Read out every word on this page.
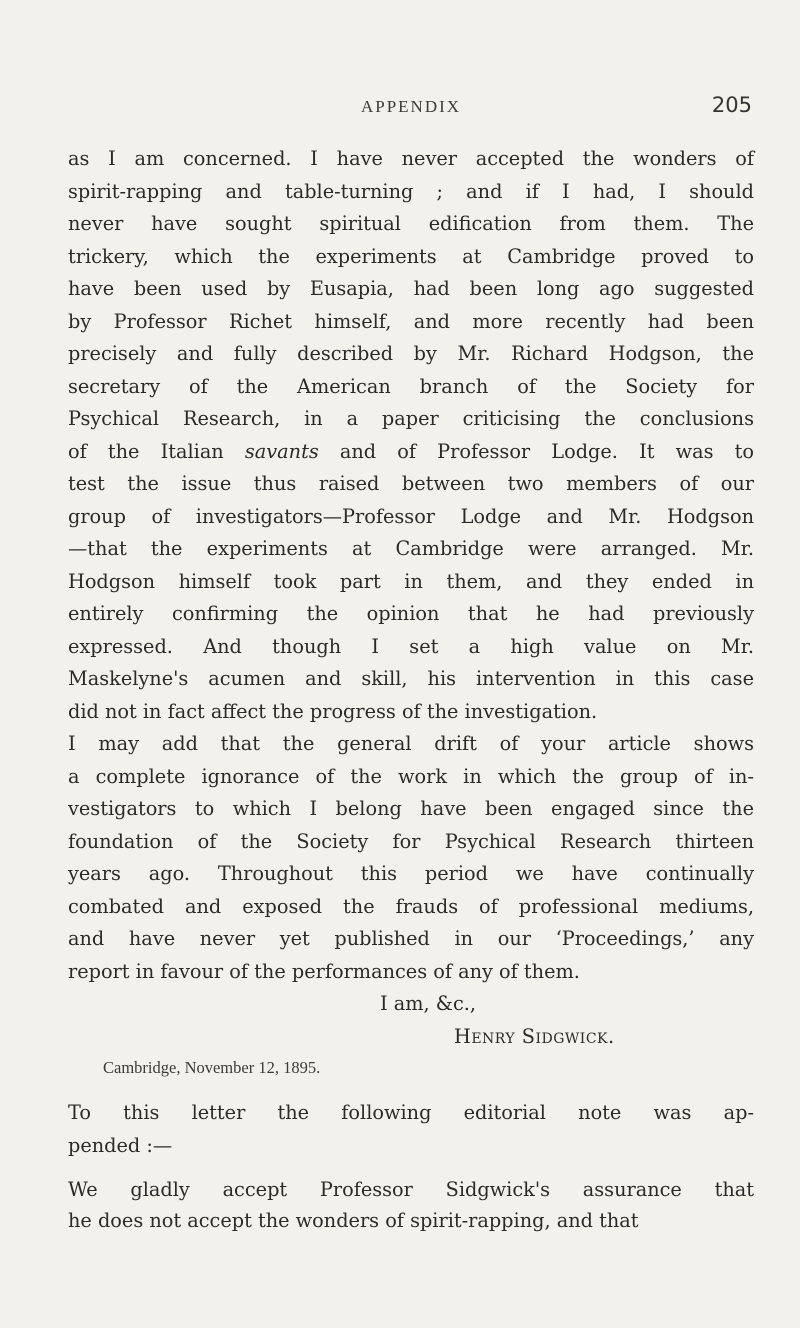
APPENDIX	205
as I am concerned. I have never accepted the wonders of
spirit-rapping and table-turning ; and if I had, I should
never have sought spiritual edification from them. The
trickery, which the experiments at Cambridge proved to
have been used by Eusapia, had been long ago suggested
by Professor Richet himself, and more recently had been
precisely and fully described by Mr. Richard Hodgson, the
secretary of the American branch of the Society for
Psychical Research, in a paper criticising the conclusions
of the Italian savants and of Professor Lodge. It was to
test the issue thus raised between two members of our
group of investigators—Professor Lodge and Mr. Hodgson
—that the experiments at Cambridge were arranged. Mr.
Hodgson himself took part in them, and they ended in
entirely confirming the opinion that he had previously
expressed. And though I set a high value on Mr.
Maskelyne's acumen and skill, his intervention in this case
did not in fact affect the progress of the investigation.
I may add that the general drift of your article shows
a complete ignorance of the work in which the group of in-
vestigators to which I belong have been engaged since the
foundation of the Society for Psychical Research thirteen
years ago. Throughout this period we have continually
combated and exposed the frauds of professional mediums,
and have never yet published in our ‘Proceedings,’ any
report in favour of the performances of any of them.
I am, &c.,
Henry Sidgwick.
Cambridge, November 12, 1895.
To this letter the following editorial note was ap-
pended :—
We gladly accept Professor Sidgwick's assurance that
he does not accept the wonders of spirit-rapping, and that
